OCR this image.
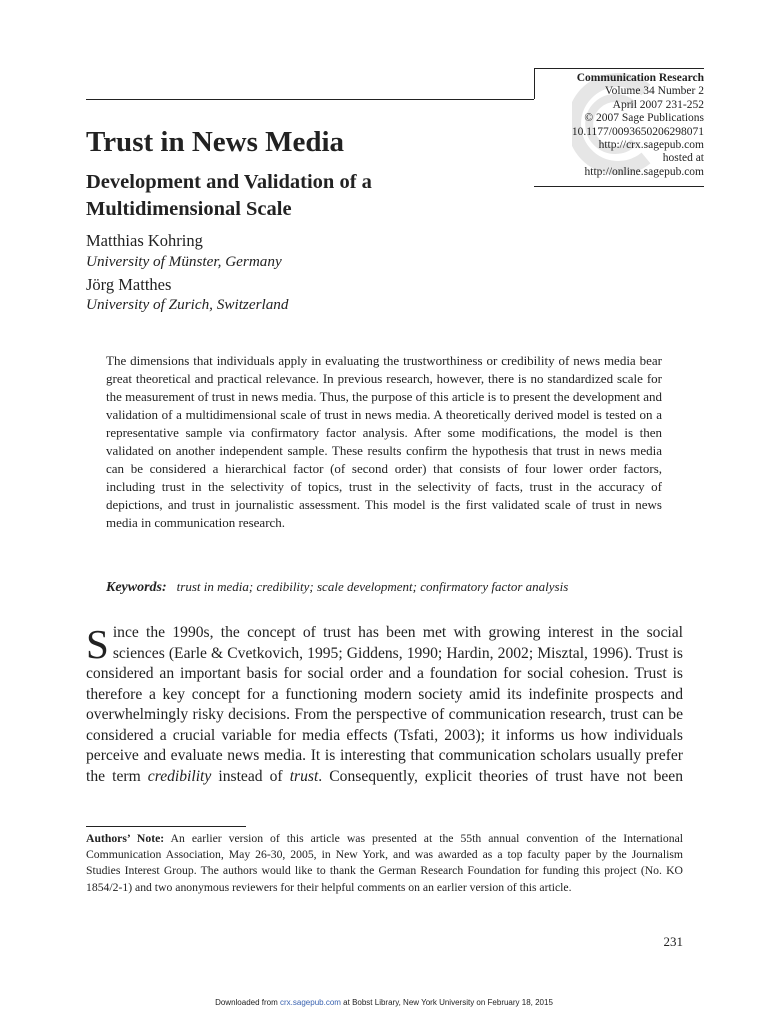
Communication Research
Volume 34 Number 2
April 2007 231-252
© 2007 Sage Publications
10.1177/0093650206298071
http://crx.sagepub.com
hosted at
http://online.sagepub.com
Trust in News Media
Development and Validation of a Multidimensional Scale
Matthias Kohring
University of Münster, Germany
Jörg Matthes
University of Zurich, Switzerland
The dimensions that individuals apply in evaluating the trustworthiness or credibility of news media bear great theoretical and practical relevance. In previous research, however, there is no standardized scale for the measurement of trust in news media. Thus, the purpose of this article is to present the development and validation of a multidimensional scale of trust in news media. A theoretically derived model is tested on a representative sample via confirmatory factor analysis. After some modifications, the model is then validated on another independent sample. These results confirm the hypothesis that trust in news media can be considered a hierarchical factor (of second order) that consists of four lower order factors, including trust in the selectivity of topics, trust in the selectivity of facts, trust in the accuracy of depictions, and trust in journalistic assessment. This model is the first validated scale of trust in news media in communication research.
Keywords: trust in media; credibility; scale development; confirmatory factor analysis
Since the 1990s, the concept of trust has been met with growing interest in the social sciences (Earle & Cvetkovich, 1995; Giddens, 1990; Hardin, 2002; Misztal, 1996). Trust is considered an important basis for social order and a foundation for social cohesion. Trust is therefore a key concept for a functioning modern society amid its indefinite prospects and overwhelmingly risky decisions. From the perspective of communication research, trust can be considered a crucial variable for media effects (Tsfati, 2003); it informs us how individuals perceive and evaluate news media. It is interesting that communication scholars usually prefer the term credibility instead of trust. Consequently, explicit theories of trust have not been
Authors’ Note: An earlier version of this article was presented at the 55th annual convention of the International Communication Association, May 26-30, 2005, in New York, and was awarded as a top faculty paper by the Journalism Studies Interest Group. The authors would like to thank the German Research Foundation for funding this project (No. KO 1854/2-1) and two anonymous reviewers for their helpful comments on an earlier version of this article.
231
Downloaded from crx.sagepub.com at Bobst Library, New York University on February 18, 2015
